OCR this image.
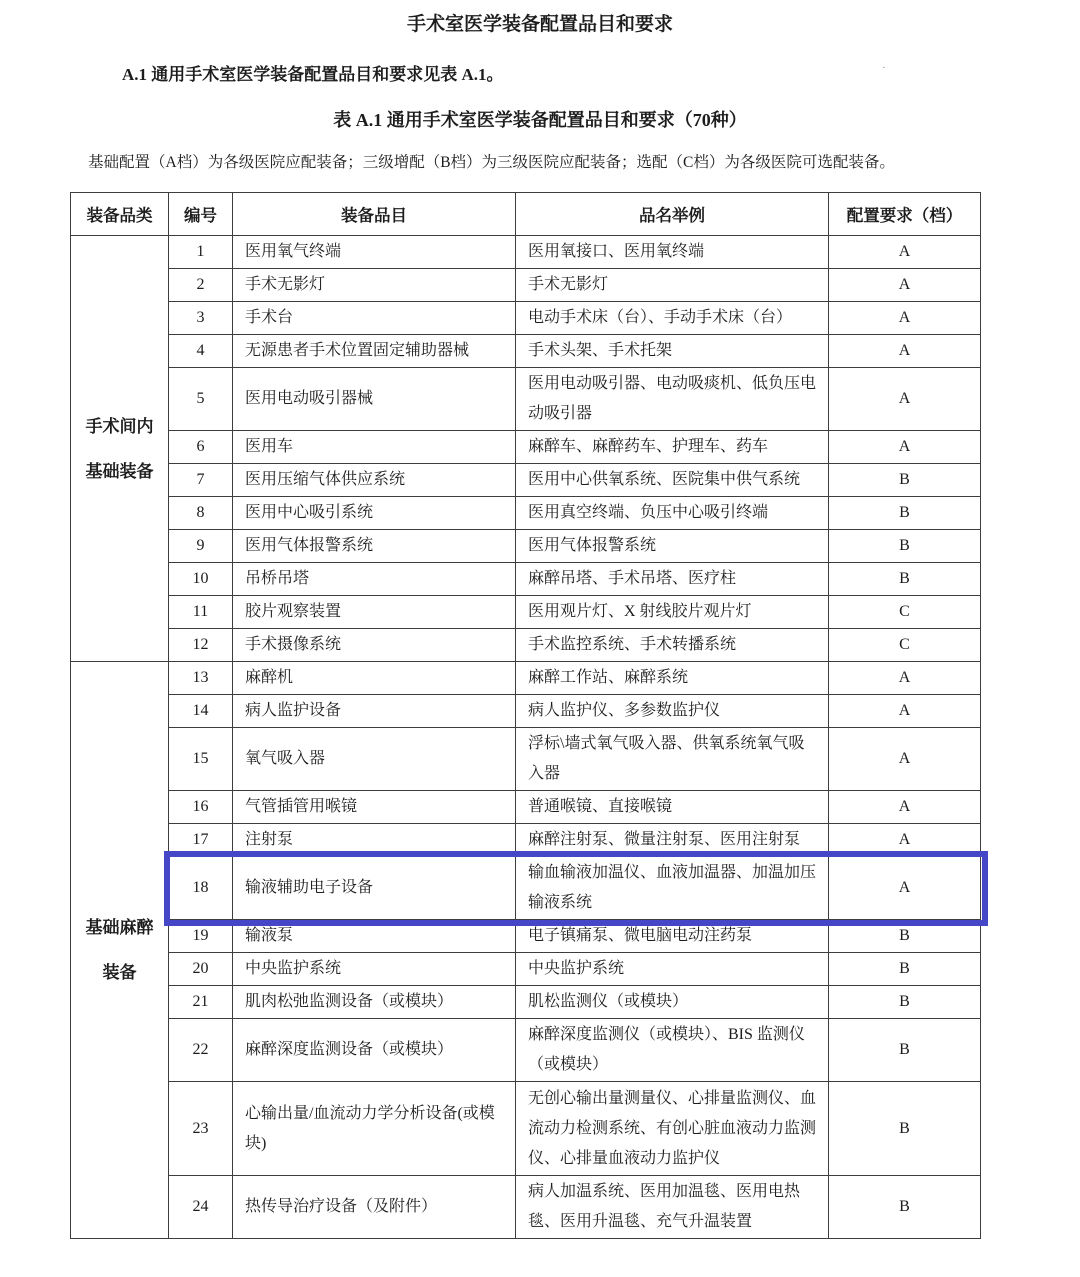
手术室医学装备配置品目和要求

A.1 通用手术室医学装备配置品目和要求见表 A.1。	·

表 A.1 通用手术室医学装备配置品目和要求（70种）

基础配置（A档）为各级医院应配装备；三级增配（B档）为三级医院应配装备；选配（C档）为各级医院可选配装备。

装备品类	编号	装备品目	品名举例	配置要求（档）
手术间内
基础装备	1	医用氧气终端	医用氧接口、医用氧终端	A
	2	手术无影灯	手术无影灯	A
	3	手术台	电动手术床（台）、手动手术床（台）	A
	4	无源患者手术位置固定辅助器械	手术头架、手术托架	A
	5	医用电动吸引器械	医用电动吸引器、电动吸痰机、低负压电动吸引器	A
	6	医用车	麻醉车、麻醉药车、护理车、药车	A
	7	医用压缩气体供应系统	医用中心供氧系统、医院集中供气系统	B
	8	医用中心吸引系统	医用真空终端、负压中心吸引终端	B
	9	医用气体报警系统	医用气体报警系统	B
	10	吊桥吊塔	麻醉吊塔、手术吊塔、医疗柱	B
	11	胶片观察装置	医用观片灯、X 射线胶片观片灯	C
	12	手术摄像系统	手术监控系统、手术转播系统	C
基础麻醉
装备	13	麻醉机	麻醉工作站、麻醉系统	A
	14	病人监护设备	病人监护仪、多参数监护仪	A
	15	氧气吸入器	浮标\墙式氧气吸入器、供氧系统氧气吸入器	A
	16	气管插管用喉镜	普通喉镜、直接喉镜	A
	17	注射泵	麻醉注射泵、微量注射泵、医用注射泵	A
	18	输液辅助电子设备	输血输液加温仪、血液加温器、加温加压输液系统	A
	19	输液泵	电子镇痛泵、微电脑电动注药泵	B
	20	中央监护系统	中央监护系统	B
	21	肌肉松弛监测设备（或模块）	肌松监测仪（或模块）	B
	22	麻醉深度监测设备（或模块）	麻醉深度监测仪（或模块）、BIS 监测仪（或模块）	B
	23	心输出量/血流动力学分析设备(或模块)	无创心输出量测量仪、心排量监测仪、血流动力检测系统、有创心脏血液动力监测仪、心排量血液动力监护仪	B
	24	热传导治疗设备（及附件）	病人加温系统、医用加温毯、医用电热毯、医用升温毯、充气升温装置	B
